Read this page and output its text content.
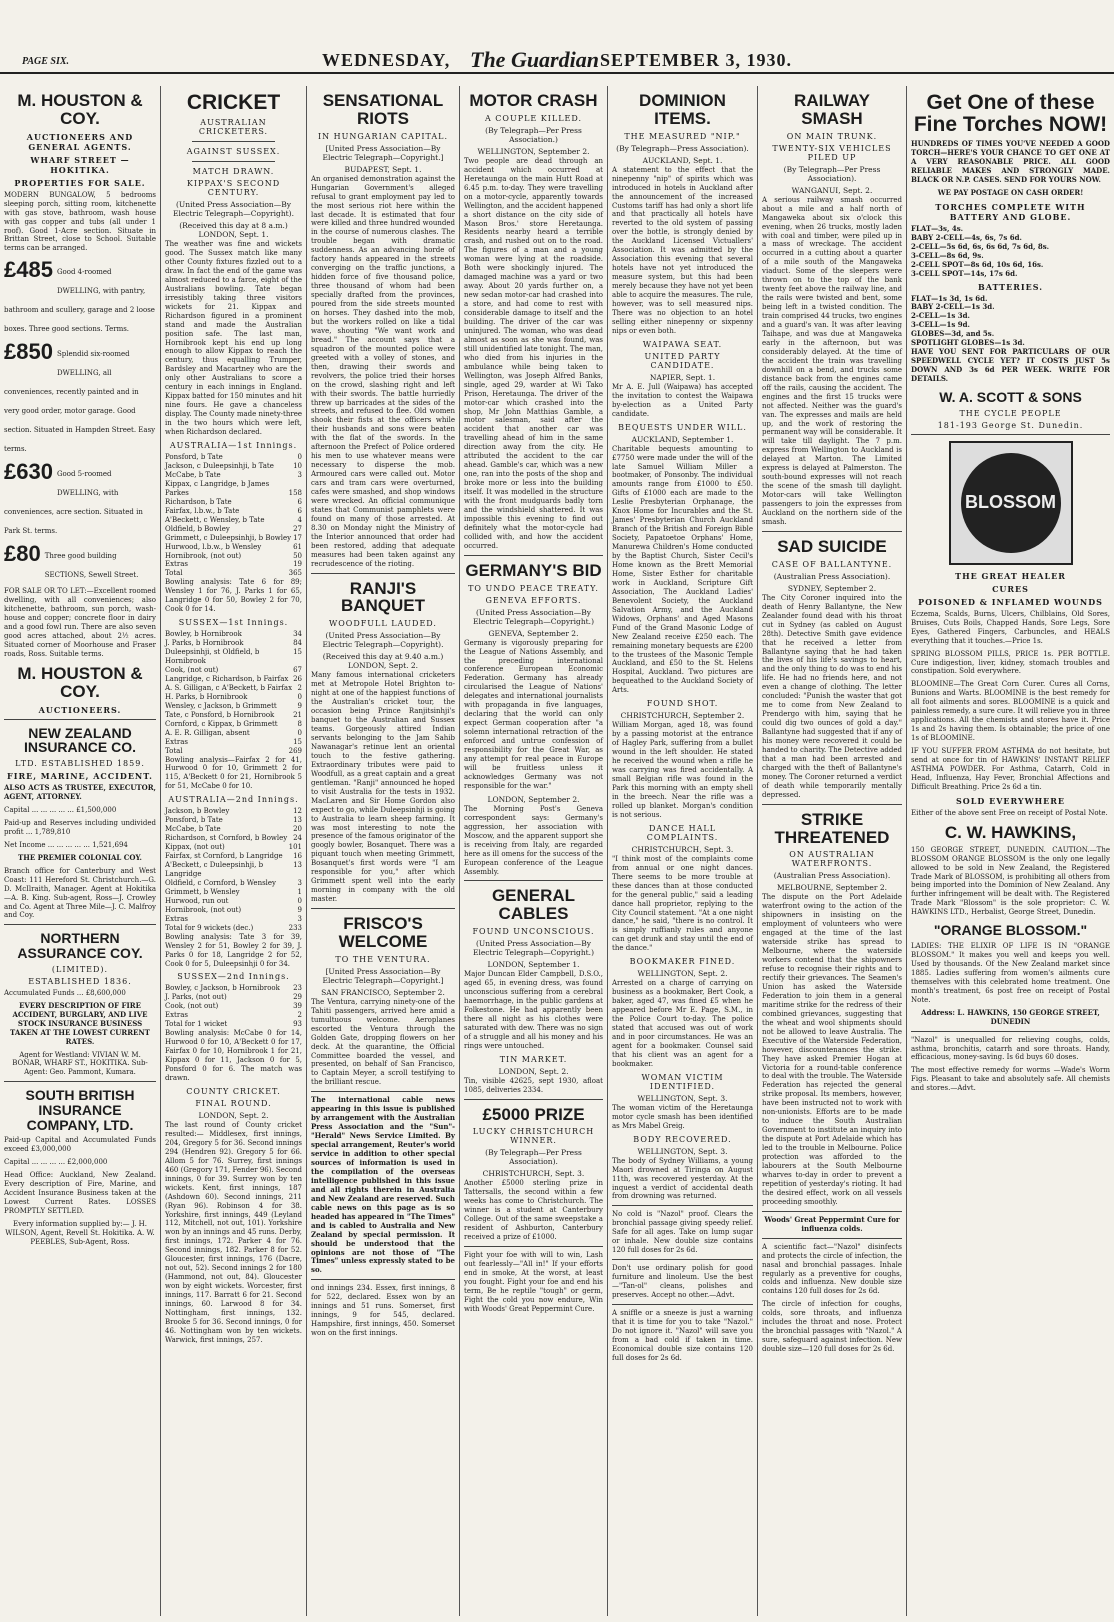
PAGE SIX.	WEDNESDAY, The Guardian SEPTEMBER 3, 1930.
M. HOUSTON & COY.
AUCTIONEERS AND GENERAL AGENTS.
WHARF STREET — HOKITIKA.
PROPERTIES FOR SALE.

MODERN BUNGALOW, 5 bedrooms sleeping porch, sitting room, kitchenette with gas stove, bathroom, wash house with gas copper and tubs (all under 1 roof). Good 1-Acre section. Situate in Brittan Street, close to School. Suitable terms can be arranged.

£485 Good 4-roomed DWELLING, with pantry, bathroom and scullery, garage and 2 loose boxes. Three good sections. Terms.
£850 Splendid six-roomed DWELLING, all conveniences, recently painted and in very good order, motor garage. Good section. Situated in Hampden Street. Easy terms.
£630 Good 5-roomed DWELLING, with conveniences, acre section. Situated in Park St. terms.
£80 Three good building SECTIONS, Sewell Street.

FOR SALE OR TO LET:—Excellent roomed dwelling, with all conveniences; also kitchenette, bathroom, sun porch, wash-house and copper; concrete floor in dairy and a good fowl run. There are also seven good acres attached, about 2½ acres. Situated corner of Moorhouse and Fraser roads, Ross. Suitable terms.

M. HOUSTON & COY.
AUCTIONEERS.
NEW ZEALAND INSURANCE CO.
LTD. ESTABLISHED 1859.
FIRE, MARINE, ACCIDENT.

ALSO ACTS AS TRUSTEE, EXECUTOR, AGENT, ATTORNEY.

Capital ... ... ... ... ... £1,500,000

Paid-up and Reserves including undivided profit ... 1,789,810

Net Income ... ... ... ... ... 1,521,694

THE PREMIER COLONIAL COY.

Branch office for Canterbury and West Coast: 111 Hereford St. Christchurch.—G. D. McIlraith, Manager. Agent at Hokitika—A. B. King. Sub-agent, Ross—J. Crowley and Co. Agent at Three Mile—J. C. Malfroy and Coy.

NORTHERN ASSURANCE COY.
(LIMITED).
ESTABLISHED 1836.

Accumulated Funds ... £8,600,000

EVERY DESCRIPTION OF FIRE ACCIDENT, BURGLARY, AND LIVE STOCK INSURANCE BUSINESS TAKEN AT THE LOWEST CURRENT RATES.

Agent for Westland: VIVIAN W. M. BONAR, WHARF ST., HOKITIKA. Sub-Agent: Geo. Pammont, Kumara.

SOUTH BRITISH INSURANCE COMPANY, LTD.

Paid-up Capital and Accumulated Funds exceed £3,000,000

Capital ... ... ... ... £2,000,000

Head Office: Auckland, New Zealand. Every description of Fire, Marine, and Accident Insurance Business taken at the Lowest Current Rates. LOSSES PROMPTLY SETTLED.

Every information supplied by:— J. H. WILSON, Agent, Revell St. Hokitika. A. W. PEEBLES, Sub-Agent, Ross.

CRICKET
AUSTRALIAN CRICKETERS.
AGAINST SUSSEX.
MATCH DRAWN.
KIPPAX'S SECOND CENTURY.
(United Press Association—By Electric Telegraph—Copyright).
(Received this day at 8 a.m.) LONDON, Sept. 1.

The weather was fine and wickets good. The Sussex match like many other County fixtures fizzled out to a draw. In fact the end of the game was almost reduced to a farce, eight of the Australians bowling. Tate began irresistibly taking three visitors wickets for 21. Kippax and Richardson figured in a prominent stand and made the Australian position safe. The last man, Hornibrook kept his end up long enough to allow Kippax to reach the century, thus equalling Trumper, Bardsley and Macartney who are the only other Australians to score a century in each innings in England. Kippax batted for 150 minutes and hit nine fours. He gave a chanceless display. The County made ninety-three in the two hours which were left, when Richardson declared.

AUSTRALIA—1st Innings.
Ponsford, b Tate	0
Jackson, c Duleepsinhji, b Tate	10
McCabe, b Tate	3
Kippax, c Langridge, b James
Parkes	158
Richardson, b Tate	6
Fairfax, l.b.w., b Tate	6
A'Beckett, c Wensley, b Tate	4
Oldfield, b Bowley	27
Grimmett, c Duleepsinhji, b Bowley 17
Hurwood, l.b.w., b Wensley	61
Hornibrook, (not out)	50
Extras	19
Total	365

Bowling analysis: Tate 6 for 89; Wensley 1 for 76, J. Parks 1 for 65, Langridge 0 for 50, Bowley 2 for 70, Cook 0 for 14.

SUSSEX—1st Innings.
Bowley, b Hornibrook	34
J. Parks, b Hornibrook	84
Duleepsinhji, st Oldfield, b Hornibrook
15
Cook, (not out)	67
Langridge, c Richardson, b Fairfax 26
A. S. Gilligan, c A'Beckett, b Fairfax 2
H. Parks, b Hornibrook	0
Wensley, c Jackson, b Grimmett	9
Tate, c Ponsford, b Hornibrook	21
Cornford, c Kippax, b Grimmett	8
A. E. R. Gilligan, absent	0
Extras	15
Total	269

Bowling analysis—Fairfax 2 for 41, Hurwood 0 for 10, Grimmett 2 for 115, A'Beckett 0 for 21, Hornibrook 5 for 51, McCabe 0 for 10.

AUSTRALIA—2nd Innings.
Jackson, b Bowley	12
Ponsford, b Tate	13
McCabe, b Tate	20
Richardson, st Cornford, b Bowley 24
Kippax, (not out)	101
Fairfax, st Cornford, b Langridge 16
A'Beckett, c Duleepsinhji, b Langridge
13
Oldfield, c Cornford, b Wensley	3
Grimmett, b Wensley	1
Hurwood, run out	0
Hornibrook, (not out)	9
Extras	3
Total for 9 wickets (dec.)	233

Bowling analysis: Tate 3 for 39, Wensley 2 for 51, Bowley 2 for 39, J. Parks 0 for 18, Langridge 2 for 52, Cook 0 for 5, Duleepsinhji 0 for 34.

SUSSEX—2nd Innings.
Bowley, c Jackson, b Hornibrook 23
J. Parks, (not out)	29
Cook, (not out)	39
Extras	2
Total for 1 wicket	93

Bowling analysis: McCabe 0 for 14, Hurwood 0 for 10, A'Beckett 0 for 17, Fairfax 0 for 10, Hornibrook 1 for 21, Kippax 0 for 11, Jackson 0 for 5, Ponsford 0 for 6. The match was drawn.

COUNTY CRICKET.
FINAL ROUND.
LONDON, Sept. 2.

The last round of County cricket resulted:— Middlesex, first innings, 204, Gregory 5 for 36. Second innings 294 (Hendren 92). Gregory 5 for 66. Allom 5 for 76. Surrey, first innings 460 (Gregory 171, Fender 96). Second innings, 0 for 39. Surrey won by ten wickets. Kent, first innings, 187 (Ashdown 60). Second innings, 211 (Ryan 96). Robinson 4 for 38. Yorkshire, first innings, 449 (Leyland 112, Mitchell, not out, 101). Yorkshire won by an innings and 45 runs. Derby, first innings, 172. Parker 4 for 76. Second innings, 182. Parker 8 for 52. Gloucester, first innings, 176 (Dacre, not out, 52). Second innings 2 for 180 (Hammond, not out, 84). Gloucester won by eight wickets. Worcester, first innings, 117. Barratt 6 for 21. Second innings, 60. Larwood 8 for 34. Nottingham, first innings, 132. Brooke 5 for 36. Second innings, 0 for 46. Nottingham won by ten wickets. Warwick, first innings, 257.

SENSATIONAL RIOTS
IN HUNGARIAN CAPITAL.
[United Press Association—By Electric Telegraph—Copyright.]
BUDAPEST, Sept. 1.

An organised demonstration against the Hungarian Government's alleged refusal to grant employment pay led to the most serious riot here within the last decade. It is estimated that four were killed and three hundred wounded in the course of numerous clashes. The trouble began with dramatic suddenness. As an advancing horde of factory hands appeared in the streets converging on the traffic junctions, a hidden force of five thousand police, three thousand of whom had been specially drafted from the provinces, poured from the side streets mounted on horses. They dashed into the mob, but the workers rolled on like a tidal wave, shouting "We want work and bread." The account says that a squadron of the mounted police were greeted with a volley of stones, and then, drawing their swords and revolvers, the police tried their horses on the crowd, slashing right and left with their swords. The battle hurriedly threw up barricades at the sides of the streets, and refused to flee. Old women shook their fists at the officers while their husbands and sons were beaten with the flat of the swords. In the afternoon the Prefect of Police ordered his men to use whatever means were necessary to disperse the mob. Armoured cars were called out. Motor cars and tram cars were overturned, cafes were smashed, and shop windows were wrecked. An official communique states that Communist pamphlets were found on many of those arrested. At 8.30 on Monday night the Ministry of the Interior announced that order had been restored, adding that adequate measures had been taken against any recrudescence of the rioting.

RANJI'S BANQUET
WOODFULL LAUDED.
(United Press Association—By Electric Telegraph—Copyright).
(Received this day at 9.40 a.m.) LONDON, Sept. 2.

Many famous international cricketers met at Metropole Hotel Brighton to-night at one of the happiest functions of the Australian's cricket tour, the occasion being Prince Ranjitsinhji's banquet to the Australian and Sussex teams. Gorgeously attired Indian servants belonging to the Jam Sahib Nawanagar's retinue lent an oriental touch to the festive gathering. Extraordinary tributes were paid to Woodfull, as a great captain and a great gentleman. "Ranji" announced he hoped to visit Australia for the tests in 1932. MacLaren and Sir Home Gordon also expect to go, while Duleepsinhji is going to Australia to learn sheep farming. It was most interesting to note the presence of the famous originator of the googly bowler, Bosanquet. There was a piquant touch when meeting Grimmett, Bosanquet's first words were "I am responsible for you," after which Grimmett spent well into the early morning in company with the old master.

FRISCO'S WELCOME
TO THE VENTURA.
[United Press Association—By Electric Telegraph—Copyright.]
SAN FRANCISCO, September 2.

The Ventura, carrying ninety-one of the Tahiti passengers, arrived here amid a tumultuous welcome. Aeroplanes escorted the Ventura through the Golden Gate, dropping flowers on her deck. At the quarantine, the Official Committee boarded the vessel, and presented, on behalf of San Francisco, to Captain Meyer, a scroll testifying to the brilliant rescue.

The international cable news appearing in this issue is published by arrangement with the Australian Press Association and the "Sun"-"Herald" News Service Limited. By special arrangement, Reuter's world service in addition to other special sources of information is used in the compilation of the overseas intelligence published in this issue and all rights therein in Australia and New Zealand are reserved. Such cable news on this page as is so headed has appeared in "The Times" and is cabled to Australia and New Zealand by special permission. It should be understood that the opinions are not those of "The Times" unless expressly stated to be so.

ond innings 234. Essex, first innings, 8 for 522, declared. Essex won by an innings and 51 runs. Somerset, first innings, 9 for 545, declared. Hampshire, first innings, 450. Somerset won on the first innings.

MOTOR CRASH
A COUPLE KILLED.
(By Telegraph—Per Press Association.)
WELLINGTON, September 2.

Two people are dead through an accident which occurred at Heretaunga on the main Hutt Road at 6.45 p.m. to-day. They were travelling on a motor-cycle, apparently towards Wellington, and the accident happened a short distance on the city side of Mason Bros.' store Heretaunga. Residents nearby heard a terrible crash, and rushed out on to the road. The figures of a man and a young woman were lying at the roadside. Both were shockingly injured. The damaged machine was a yard or two away. About 20 yards further on, a new sedan motor-car had crashed into a store, and had come to rest with considerable damage to itself and the building. The driver of the car was uninjured. The woman, who was dead almost as soon as she was found, was still unidentified late tonight. The man, who died from his injuries in the ambulance while being taken to Wellington, was Joseph Alfred Banks, single, aged 29, warder at Wi Tako Prison, Heretaunga. The driver of the motor-car which crashed into the shop, Mr John Matthias Gamble, a motor salesman, said after the accident that another car was travelling ahead of him in the same direction away from the city. He attributed the accident to the car ahead. Gamble's car, which was a new one, ran into the posts of the shop and broke more or less into the building itself. It was modelled in the structure with the front mudguards badly torn and the windshield shattered. It was impossible this evening to find out definitely what the motor-cycle had collided with, and how the accident occurred.

GERMANY'S BID
TO UNDO PEACE TREATY.
GENEVA EFFORTS.
(United Press Association—By Electric Telegraph—Copyright.)
GENEVA, September 2.

Germany is vigorously preparing for the League of Nations Assembly, and the preceding international conference European Economic Federation. Germany has already circularised the League of Nations' delegates and international journalists with propaganda in five languages, declaring that the world can only expect German cooperation after "a solemn international retraction of the enforced and untrue confession of responsibility for the Great War, as any attempt for real peace in Europe will be fruitless unless it acknowledges Germany was not responsible for the war."

LONDON, September 2.

The Morning Post's Geneva correspondent says: Germany's aggression, her association with Moscow, and the apparent support she is receiving from Italy, are regarded here as ill omens for the success of the European conference of the League Assembly.

GENERAL CABLES
FOUND UNCONSCIOUS.
(United Press Association—By Electric Telegraph—Copyright.)
LONDON, September 1.

Major Duncan Elder Campbell, D.S.O., aged 65, in evening dress, was found unconscious suffering from a cerebral haemorrhage, in the public gardens at Folkestone. He had apparently been there all night as his clothes were saturated with dew. There was no sign of a struggle and all his money and his rings were untouched.

TIN MARKET.
LONDON, Sept. 2.

Tin, visible 42625, sept 1930, afloat 1085, deliveries 2334.

£5000 PRIZE
LUCKY CHRISTCHURCH WINNER.
(By Telegraph—Per Press Association).
CHRISTCHURCH, Sept. 3.

Another £5000 sterling prize in Tattersalls, the second within a few weeks has come to Christchurch. The winner is a student at Canterbury College. Out of the same sweepstake a resident of Ashburton, Canterbury received a prize of £1000.

Fight your foe with will to win, Lash out fearlessly—"All in!" If your efforts end in smoke, At the worst, at least you fought. Fight your foe and end his term, Be he reptile "tough" or germ, Fight the cold you now endure, Win with Woods' Great Peppermint Cure.

DOMINION ITEMS.
THE MEASURED "NIP."
(By Telegraph—Press Association).
AUCKLAND, Sept. 1.

A statement to the effect that the ninepenny "nip" of spirits which was introduced in hotels in Auckland after the announcement of the increased Customs tariff has had only a short life and that practically all hotels have reverted to the old system of passing over the bottle, is strongly denied by the Auckland Licensed Victuallers' Association. It was admitted by the Association this evening that several hotels have not yet introduced the measure system, but this had been merely because they have not yet been able to acquire the measures. The rule, however, was to sell measured nips. There was no objection to an hotel selling either ninepenny or sixpenny nips or even both.

WAIPAWA SEAT.
UNITED PARTY CANDIDATE.
NAPIER, Sept. 1.

Mr A. E. Jull (Waipawa) has accepted the invitation to contest the Waipawa by-election as a United Party candidate.

BEQUESTS UNDER WILL.
AUCKLAND, September 1.

Charitable bequests amounting to £7750 were made under the will of the late Samuel William Miller a bootmaker, of Ponsonby. The individual amounts range from £1000 to £50. Gifts of £1000 each are made to the Leslie Presbyterian Orphanage, the Knox Home for Incurables and the St. James' Presbyterian Church Auckland Branch of the British and Foreign Bible Society, Papatoetoe Orphans' Home, Manurewa Children's Home conducted by the Baptist Church, Sister Cecil's Home known as the Brett Memorial Home, Sister Esther for charitable work in Auckland, Scripture Gift Association, The Auckland Ladies' Benevolent Society, the Auckland Salvation Army, and the Auckland Widows, Orphans' and Aged Masons Fund of the Grand Masonic Lodge of New Zealand receive £250 each. The remaining monetary bequests are £200 to the trustees of the Masonic Temple Auckland, and £50 to the St. Helens Hospital, Auckland. Two pictures are bequeathed to the Auckland Society of Arts.

FOUND SHOT.
CHRISTCHURCH, September 2.

William Morgan, aged 18, was found by a passing motorist at the entrance of Hagley Park, suffering from a bullet wound in the left shoulder. He stated he received the wound when a rifle he was carrying was fired accidentally. A small Belgian rifle was found in the Park this morning with an empty shell in the breech. Near the rifle was a rolled up blanket. Morgan's condition is not serious.

DANCE HALL COMPLAINTS.
CHRISTCHURCH, Sept. 3.

"I think most of the complaints come from annual or one night dances. There seems to be more trouble at these dances than at those conducted for the general public," said a leading dance hall proprietor, replying to the City Council statement. "At a one night dance," he said, "there is no control. It is simply ruffianly rules and anyone can get drunk and stay until the end of the dance."

BOOKMAKER FINED.
WELLINGTON, Sept. 2.

Arrested on a charge of carrying on business as a bookmaker, Bert Cook, a baker, aged 47, was fined £5 when he appeared before Mr E. Page, S.M., in the Police Court to-day. The police stated that accused was out of work and in poor circumstances. He was an agent for a bookmaker. Counsel said that his client was an agent for a bookmaker.

WOMAN VICTIM IDENTIFIED.
WELLINGTON, Sept. 3.

The woman victim of the Heretaunga motor cycle smash has been identified as Mrs Mabel Greig.

BODY RECOVERED.
WELLINGTON, Sept. 3.

The body of Sydney Williams, a young Maori drowned at Tiringa on August 11th, was recovered yesterday. At the inquest a verdict of accidental death from drowning was returned.

No cold is "Nazol" proof. Clears the bronchial passage giving speedy relief. Safe for all ages. Take on lump sugar or inhale. New double size contains 120 full doses for 2s 6d.

Don't use ordinary polish for good furniture and linoleum. Use the best—"Tan-ol" cleans, polishes and preserves. Accept no other.—Advt.

A sniffle or a sneeze is just a warning that it is time for you to take "Nazol." Do not ignore it. "Nazol" will save you from a bad cold if taken in time. Economical double size contains 120 full doses for 2s 6d.

RAILWAY SMASH
ON MAIN TRUNK.
TWENTY-SIX VEHICLES PILED UP
(By Telegraph—Per Press Association).
WANGANUI, Sept. 2.

A serious railway smash occurred about a mile and a half north of Mangaweka about six o'clock this evening, when 26 trucks, mostly laden with coal and timber, were piled up in a mass of wreckage. The accident occurred in a cutting about a quarter of a mile south of the Mangaweka viaduct. Some of the sleepers were thrown on to the top of the bank twenty feet above the railway line, and the rails were twisted and bent, some being left in a twisted condition. The train comprised 44 trucks, two engines and a guard's van. It was after leaving Taihape, and was due at Mangaweka early in the afternoon, but was considerably delayed. At the time of the accident the train was travelling downhill on a bend, and trucks some distance back from the engines came off the rails, causing the accident. The engines and the first 15 trucks were not affected. Neither was the guard's van. The expresses and mails are held up, and the work of restoring the permanent way will be considerable. It will take till daylight. The 7 p.m. express from Wellington to Auckland is delayed at Marton. The Limited express is delayed at Palmerston. The south-bound expresses will not reach the scene of the smash till daylight. Motor-cars will take Wellington passengers to join the expresses from Auckland on the northern side of the smash.

SAD SUICIDE
CASE OF BALLANTYNE.
(Australian Press Association).
SYDNEY, September 2.

The City Coroner inquired into the death of Henry Ballantyne, the New Zealander found dead with his throat cut in Sydney (as cabled on August 28th). Detective Smith gave evidence that he received a letter from Ballantyne saying that he had taken the lives of his life's savings to heart, and the only thing to do was to end his life. He had no friends here, and not even a change of clothing. The letter concluded: "Punish the waster that got me to come from New Zealand to Prendergo with him, saying that he could dig two ounces of gold a day." Ballantyne had suggested that if any of his money were recovered it could be handed to charity. The Detective added that a man had been arrested and charged with the theft of Ballantyne's money. The Coroner returned a verdict of death while temporarily mentally depressed.

STRIKE THREATENED
ON AUSTRALIAN WATERFRONTS.
(Australian Press Association).
MELBOURNE, September 2.

The dispute on the Port Adelaide waterfront owing to the action of the shipowners in insisting on the employment of volunteers who were engaged at the time of the last waterside strike has spread to Melbourne, where the waterside workers contend that the shipowners refuse to recognise their rights and to rectify their grievances. The Seamen's Union has asked the Waterside Federation to join them in a general maritime strike for the redress of their combined grievances, suggesting that the wheat and wool shipments should not be allowed to leave Australia. The Executive of the Waterside Federation, however, discountenances the strike. They have asked Premier Hogan at Victoria for a round-table conference to deal with the trouble. The Waterside Federation has rejected the general strike proposal. Its members, however, have been instructed not to work with non-unionists. Efforts are to be made to induce the South Australian Government to institute an inquiry into the dispute at Port Adelaide which has led to the trouble in Melbourne. Police protection was afforded to the labourers at the South Melbourne wharves to-day in order to prevent a repetition of yesterday's rioting. It had the desired effect, work on all vessels proceeding smoothly.

Woods' Great Peppermint Cure for influenza colds.

A scientific fact—"Nazol" disinfects and protects the circle of infection, the nasal and bronchial passages. Inhale regularly as a preventive for coughs, colds and influenza. New double size contains 120 full doses for 2s 6d.

The circle of infection for coughs, colds, sore throats, and influenza includes the throat and nose. Protect the bronchial passages with "Nazol." A sure, safeguard against infection. New double size—120 full doses for 2s 6d.

Get One of these Fine Torches NOW!

HUNDREDS OF TIMES YOU'VE NEEDED A GOOD TORCH—HERE'S YOUR CHANCE TO GET ONE AT A VERY REASONABLE PRICE. ALL GOOD RELIABLE MAKES AND STRONGLY MADE. BLACK OR N.P. CASES. SEND FOR YOURS NOW.

WE PAY POSTAGE ON CASH ORDER!

TORCHES COMPLETE WITH BATTERY AND GLOBE.
FLAT—3s, 4s.
BABY 2-CELL—4s, 6s, 7s 6d.
2-CELL—5s 6d, 6s, 6s 6d, 7s 6d, 8s.
3-CELL—8s 6d, 9s.
2-CELL SPOT—8s 6d, 10s 6d, 16s.
3-CELL SPOT—14s, 17s 6d.
BATTERIES.
FLAT—1s 3d, 1s 6d.
BABY 2-CELL—1s 3d.
2-CELL—1s 3d.
3-CELL—1s 9d.
GLOBES—3d, and 5s.
SPOTLIGHT GLOBES—1s 3d.

HAVE YOU SENT FOR PARTICULARS OF OUR SPEEDWELL CYCLE YET? IT COSTS JUST 5s DOWN AND 3s 6d PER WEEK. WRITE FOR DETAILS.

W. A. SCOTT & SONS
THE CYCLE PEOPLE
181-193 George St. Dunedin.
BLOSSOM
THE GREAT HEALER
CURES
POISONED & INFLAMED WOUNDS

Eczema, Scalds, Burns, Ulcers, Chilblains, Old Sores, Bruises, Cuts Boils, Chapped Hands, Sore Legs, Sore Eyes, Gathered Fingers, Carbuncles, and HEALS everything that it touches.—Price 1s.

SPRING BLOSSOM PILLS, PRICE 1s. PER BOTTLE. Cure indigestion, liver, kidney, stomach troubles and constipation. Sold everywhere.

BLOOMINE—The Great Corn Curer. Cures all Corns, Bunions and Warts. BLOOMINE is the best remedy for all foot ailments and sores. BLOOMINE is a quick and painless remedy, a sure cure. It will relieve you in three applications. All the chemists and stores have it. Price 1s and 2s having them. Is obtainable; the price of one 1s of BLOOMINE.

IF YOU SUFFER FROM ASTHMA do not hesitate, but send at once for tin of HAWKINS' INSTANT RELIEF ASTHMA POWDER. For Asthma, Catarrh, Cold in Head, Influenza, Hay Fever, Bronchial Affections and Difficult Breathing. Price 2s 6d a tin.

SOLD EVERYWHERE

Either of the above sent Free on receipt of Postal Note.

C. W. HAWKINS,

150 GEORGE STREET, DUNEDIN. CAUTION.—The BLOSSOM ORANGE BLOSSOM is the only one legally allowed to be sold in New Zealand, the Registered Trade Mark of BLOSSOM, is prohibiting all others from being imported into the Dominion of New Zealand. Any further infringement will be dealt with. The Registered Trade Mark "Blossom" is the sole proprietor: C. W. HAWKINS LTD., Herbalist, George Street, Dunedin.

"ORANGE BLOSSOM."

LADIES: THE ELIXIR OF LIFE IS IN "ORANGE BLOSSOM." It makes you well and keeps you well. Used by thousands. Of the New Zealand market since 1885. Ladies suffering from women's ailments cure themselves with this celebrated home treatment. One month's treatment, 6s post free on receipt of Postal Note.

Address: L. HAWKINS, 150 GEORGE STREET, DUNEDIN

"Nazol" is unequalled for relieving coughs, colds, asthma, bronchitis, catarrh and sore throats. Handy, efficacious, money-saving. Is 6d buys 60 doses.

The most effective remedy for worms —Wade's Worm Figs. Pleasant to take and absolutely safe. All chemists and stores.—Advt.
